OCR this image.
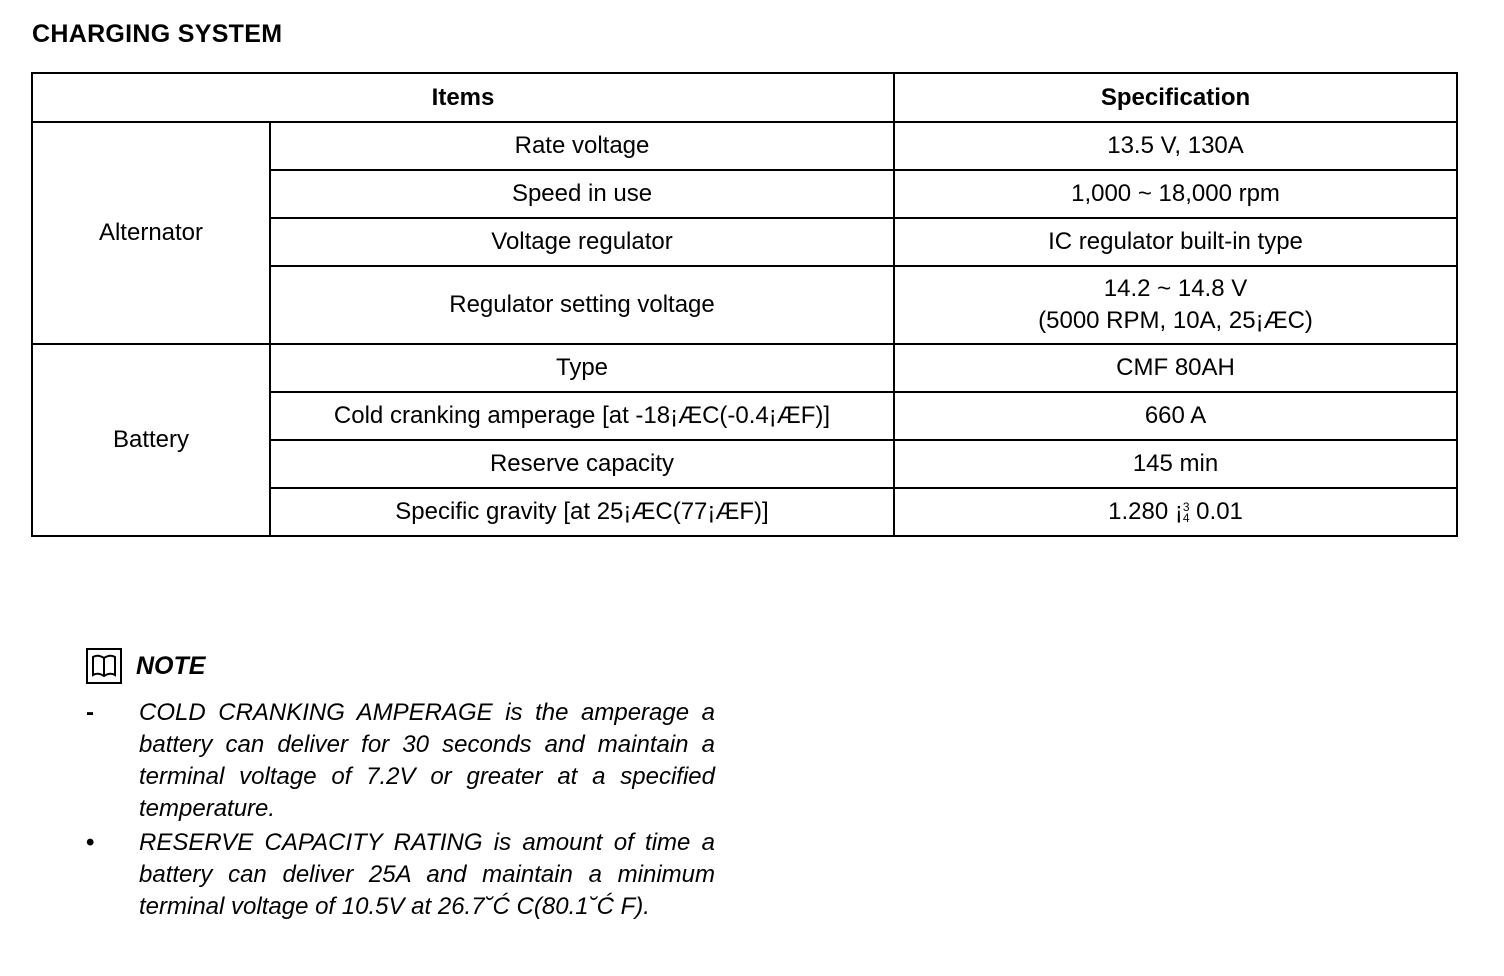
CHARGING SYSTEM
Items		Specification
Alternator	Rate voltage	13.5 V, 130A
	Speed in use	1,000 ~ 18,000 rpm
	Voltage regulator	IC regulator built-in type
	Regulator setting voltage	14.2 ~ 14.8 V
(5000 RPM, 10A, 25¡ÆC)

Battery	Type	CMF 80AH
	Cold cranking amperage [at -18¡ÆC(-0.4¡ÆF)]	660 A
	Reserve capacity	145 min
	Specific gravity [at 25¡ÆC(77¡ÆF)]	1.280 ¡ 3
4 0.01
NOTE
-	COLD CRANKING AMPERAGE is the amperage a battery can deliver for 30 seconds and maintain a terminal voltage of 7.2V or greater at a specified temperature.
•	RESERVE CAPACITY RATING is amount of time a battery can deliver 25A and maintain a minimum terminal voltage of 10.5V at 26.7˘Ć C(80.1˘Ć F).
